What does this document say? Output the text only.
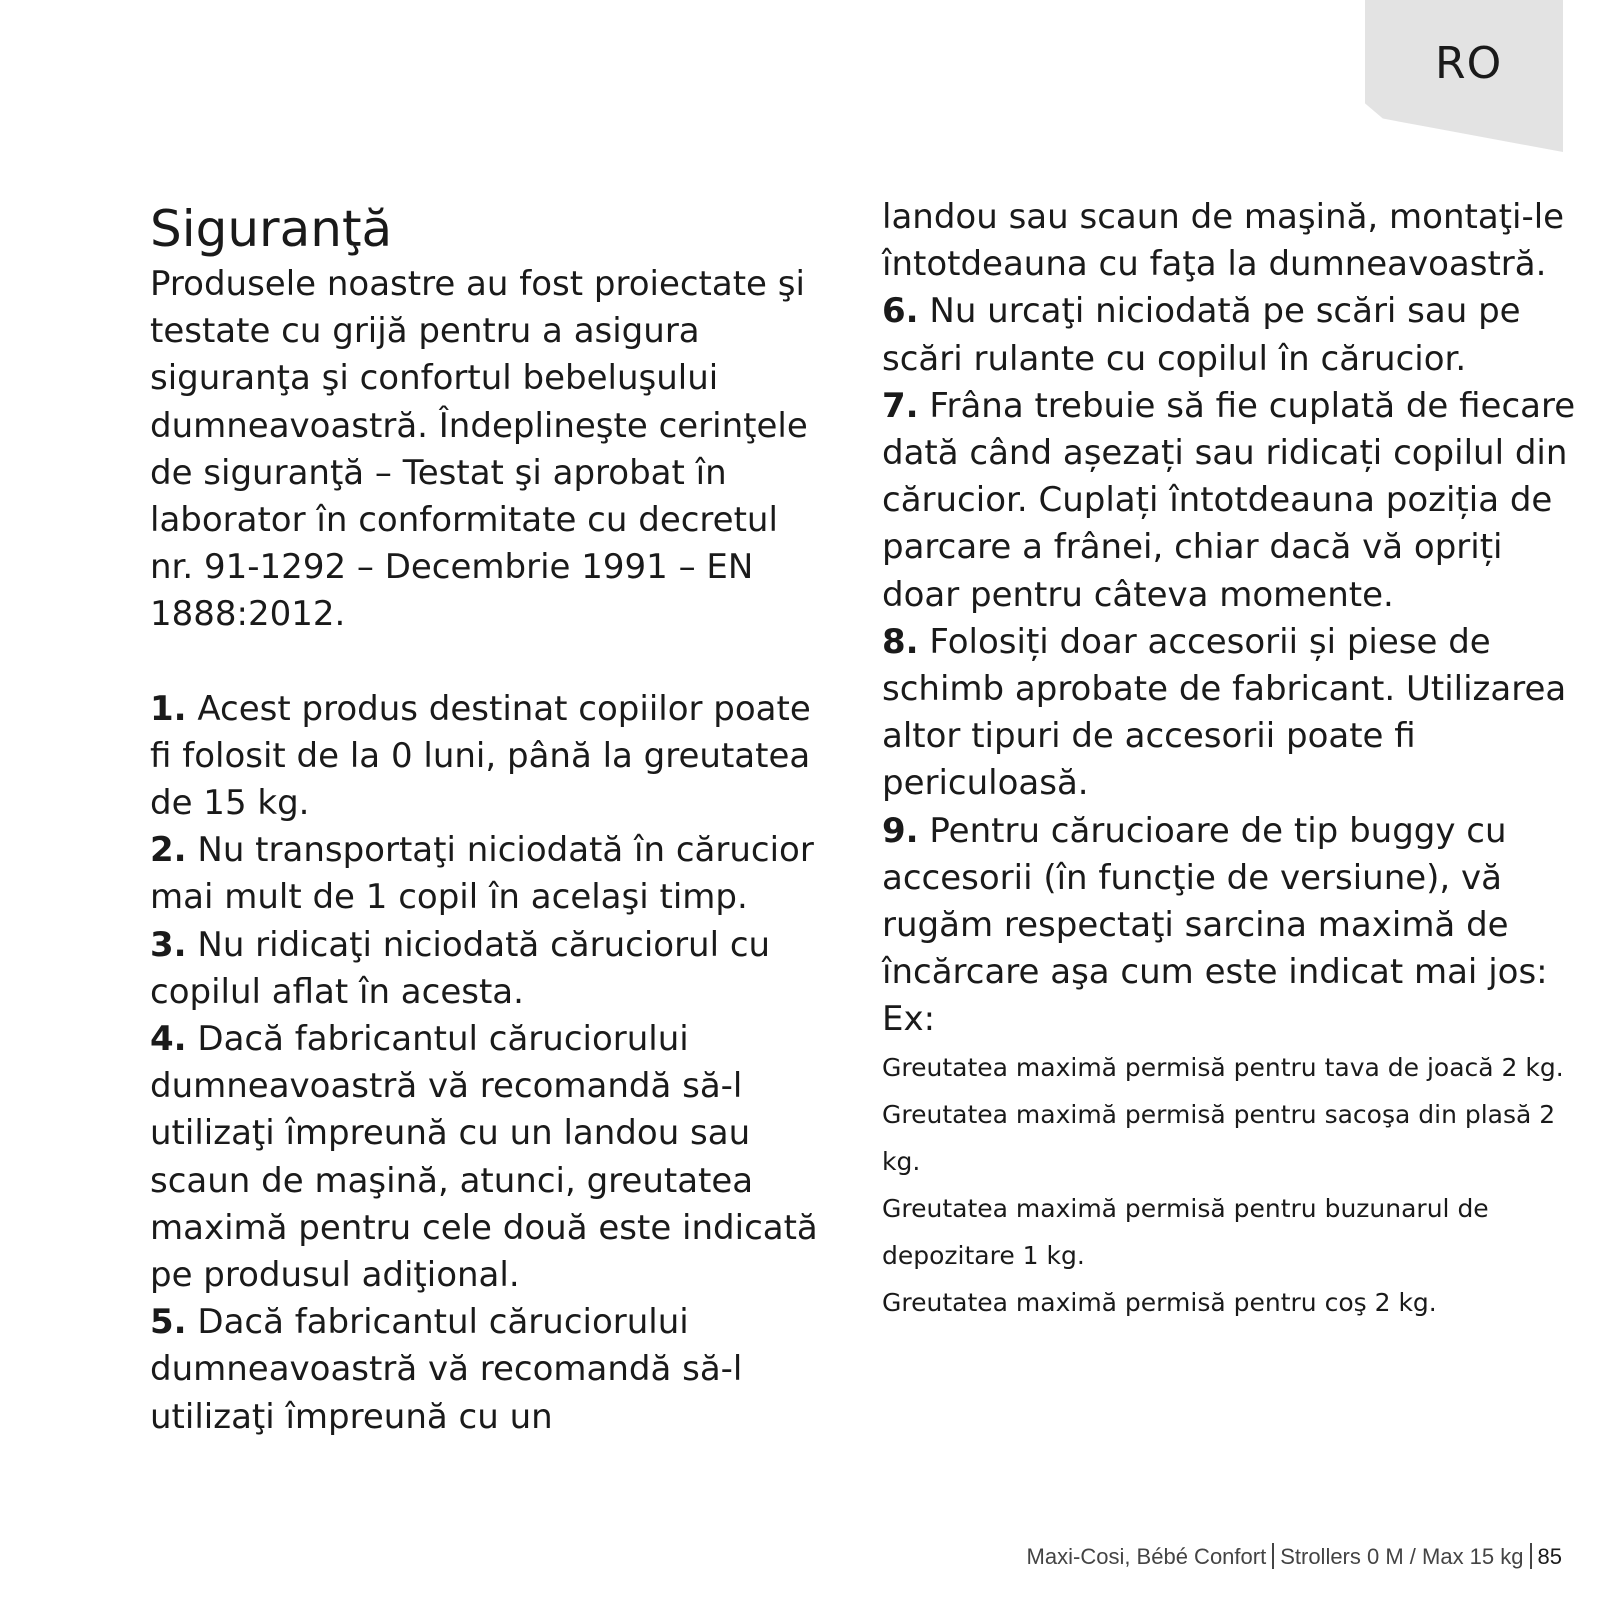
RO
Siguranţă

Produsele noastre au fost proiectate şi testate cu grijă pentru a asigura siguranţa şi confortul bebeluşului dumneavoastră. Îndeplineşte cerinţele de siguranţă – Testat şi aprobat în laborator în conformitate cu decretul nr. 91-1292 – Decembrie 1991 – EN 1888:2012.

1. Acest produs destinat copiilor poate fi folosit de la 0 luni, până la greutatea de 15 kg.

2. Nu transportaţi niciodată în cărucior mai mult de 1 copil în acelaşi timp.

3. Nu ridicaţi niciodată căruciorul cu copilul aflat în acesta.

4. Dacă fabricantul căruciorului dumneavoastră vă recomandă să-l utilizaţi împreună cu un landou sau scaun de maşină, atunci, greutatea maximă pentru cele două este indicată pe produsul adiţional.

5. Dacă fabricantul căruciorului dumneavoastră vă recomandă să-l utilizaţi împreună cu un

landou sau scaun de maşină, montaţi-le întotdeauna cu faţa la dumneavoastră.

6. Nu urcaţi niciodată pe scări sau pe scări rulante cu copilul în cărucior.

7. Frâna trebuie să fie cuplată de fiecare dată când așezați sau ridicați copilul din cărucior. Cuplați întotdeauna poziția de parcare a frânei, chiar dacă vă opriți doar pentru câteva momente.

8. Folosiți doar accesorii și piese de schimb aprobate de fabricant. Utilizarea altor tipuri de accesorii poate fi periculoasă.

9. Pentru cărucioare de tip buggy cu accesorii (în funcţie de versiune), vă rugăm respectaţi sarcina maximă de încărcare aşa cum este indicat mai jos: Ex:

Greutatea maximă permisă pentru tava de joacă 2 kg.

Greutatea maximă permisă pentru sacoşa din plasă 2 kg.

Greutatea maximă permisă pentru buzunarul de depozitare 1 kg.

Greutatea maximă permisă pentru coş 2 kg.

Maxi-Cosi, Bébé Confort Strollers 0 M / Max 15 kg 85
